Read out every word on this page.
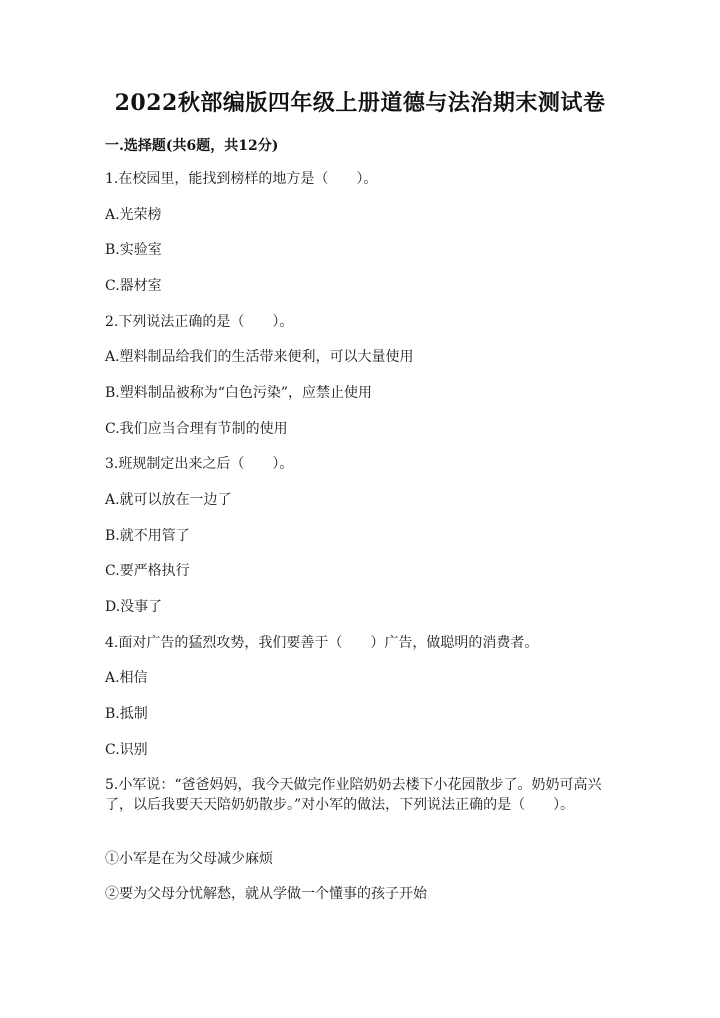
2022秋部编版四年级上册道德与法治期末测试卷
一.选择题(共6题，共12分)
1.在校园里，能找到榜样的地方是（　　）。
A.光荣榜
B.实验室
C.器材室
2.下列说法正确的是（　　）。
A.塑料制品给我们的生活带来便利，可以大量使用
B.塑料制品被称为“白色污染”，应禁止使用
C.我们应当合理有节制的使用
3.班规制定出来之后（　　）。
A.就可以放在一边了
B.就不用管了
C.要严格执行
D.没事了
4.面对广告的猛烈攻势，我们要善于（　　）广告，做聪明的消费者。
A.相信
B.抵制
C.识别
5.小军说：“爸爸妈妈，我今天做完作业陪奶奶去楼下小花园散步了。奶奶可高兴了，以后我要天天陪奶奶散步。”对小军的做法，下列说法正确的是（　　）。
①小军是在为父母减少麻烦
②要为父母分忧解愁，就从学做一个懂事的孩子开始
